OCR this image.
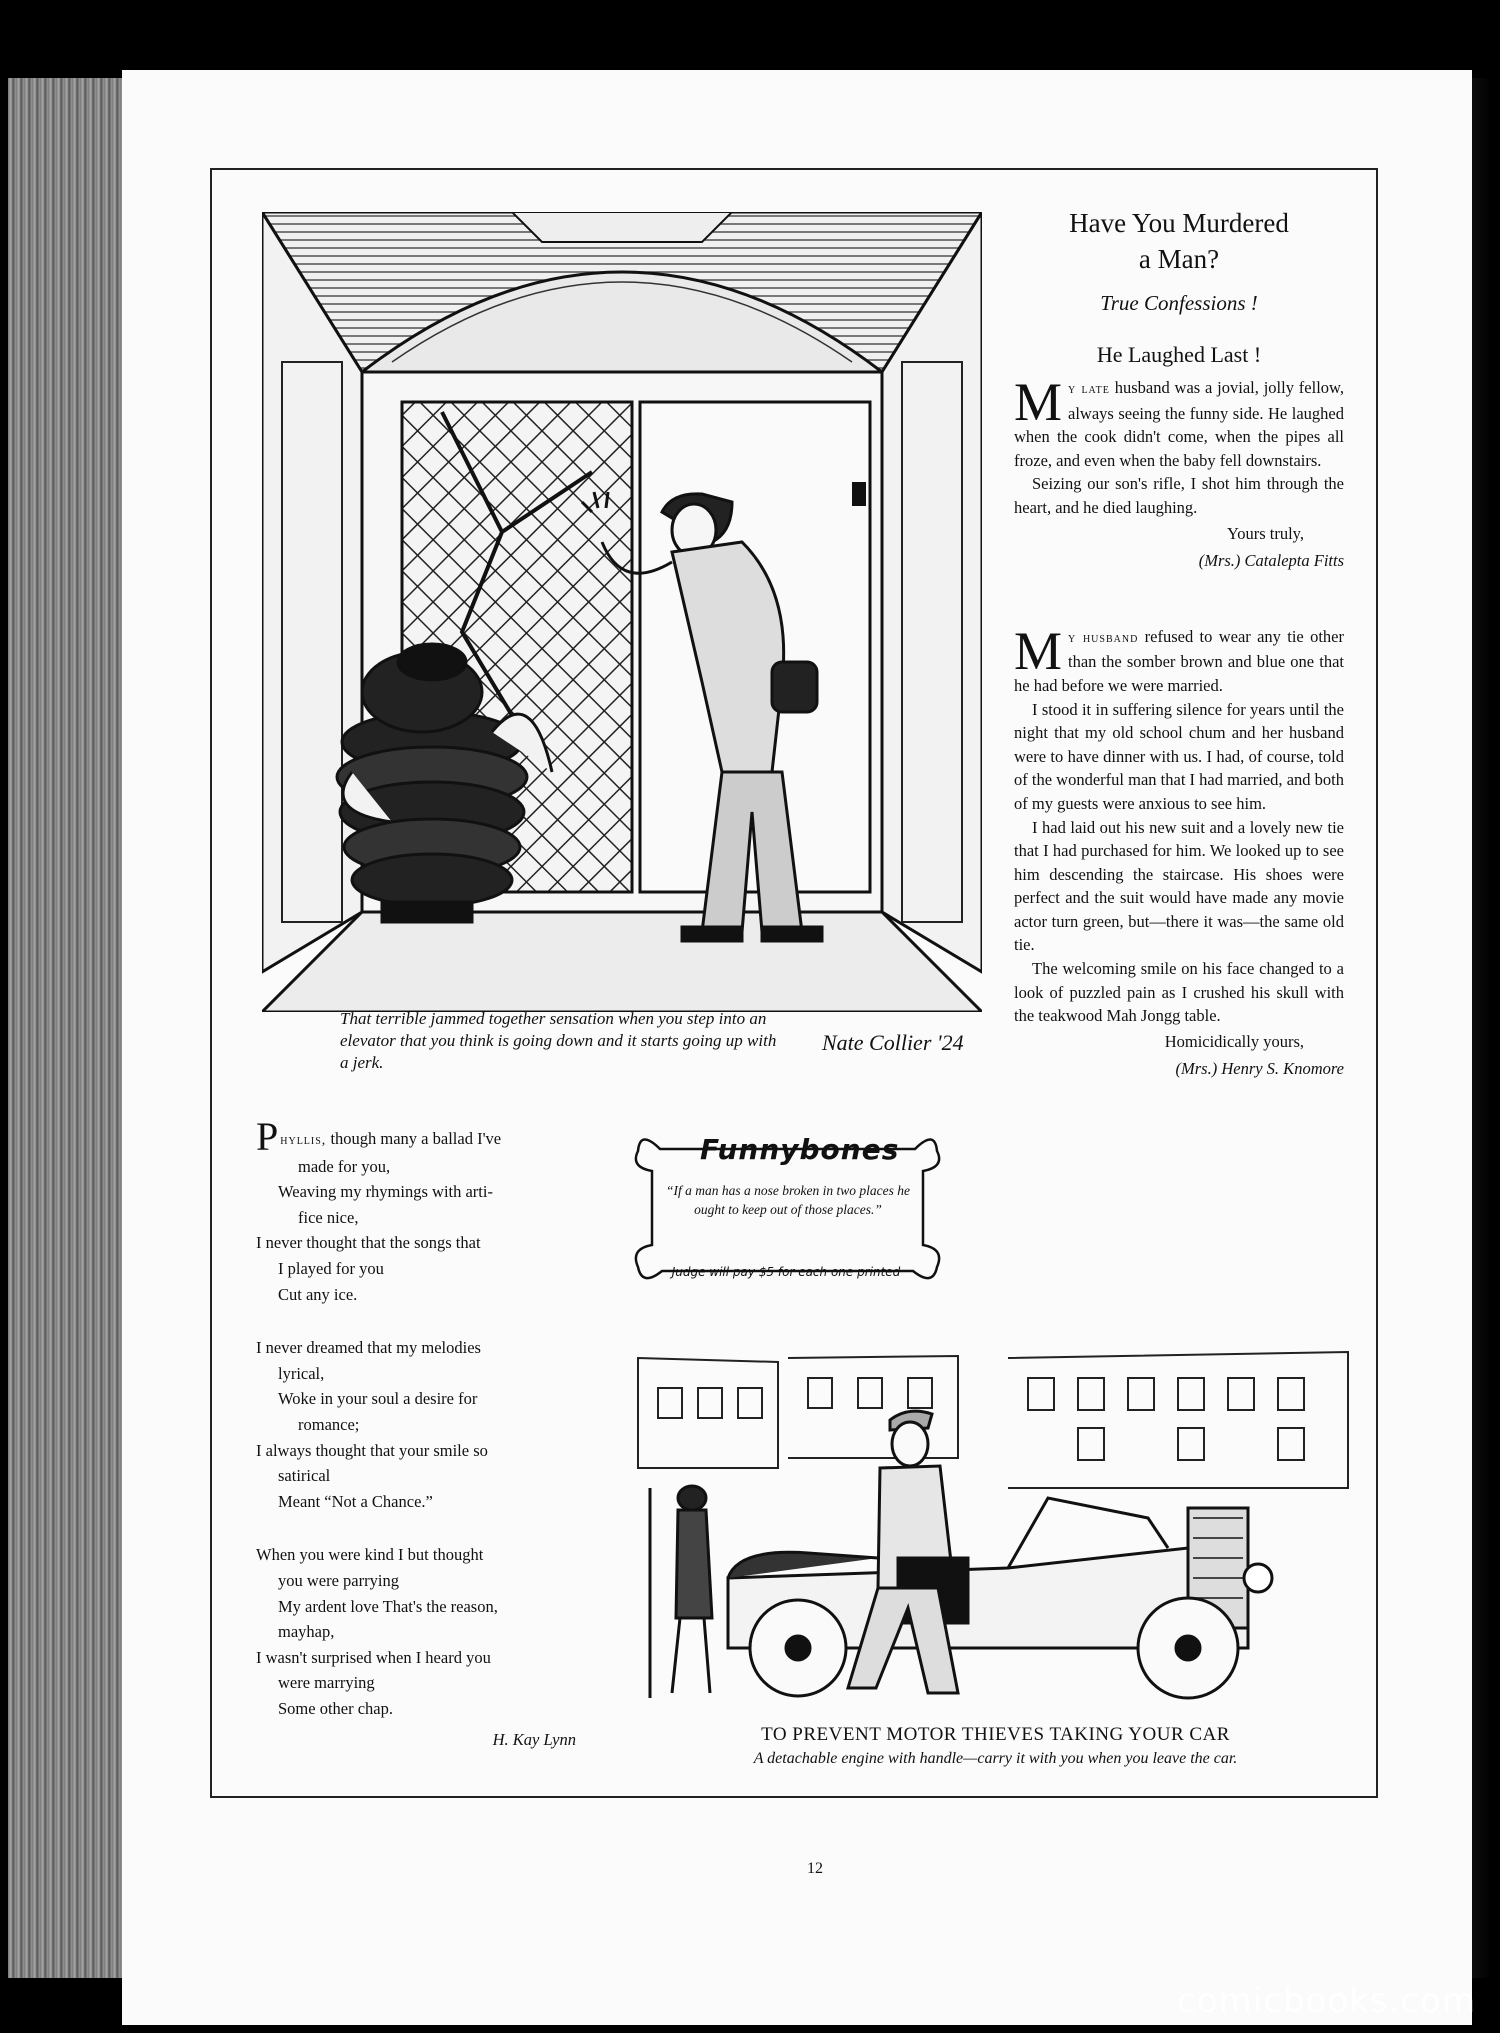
That terrible jammed together sensation when you step into an elevator that you think is going down and it starts going up with a jerk.
Nate Collier '24
Have You Murdered
a Man?
True Confessions !
He Laughed Last !

My late husband was a jovial, jolly fellow, always seeing the funny side. He laughed when the cook didn't come, when the pipes all froze, and even when the baby fell downstairs.

Seizing our son's rifle, I shot him through the heart, and he died laughing.

Yours truly,
(Mrs.) Catalepta Fitts

My husband refused to wear any tie other than the somber brown and blue one that he had before we were married.

I stood it in suffering silence for years until the night that my old school chum and her husband were to have dinner with us. I had, of course, told of the wonderful man that I had married, and both of my guests were anxious to see him.

I had laid out his new suit and a lovely new tie that I had purchased for him. We looked up to see him descending the staircase. His shoes were perfect and the suit would have made any movie actor turn green, but—there it was—the same old tie.

The welcoming smile on his face changed to a look of puzzled pain as I crushed his skull with the teakwood Mah Jongg table.

Homicidically yours,
(Mrs.) Henry S. Knomore
Phyllis, though many a ballad I've
made for you,
Weaving my rhymings with arti-
fice nice,
I never thought that the songs that
I played for you
Cut any ice.
I never dreamed that my melodies
lyrical,
Woke in your soul a desire for
romance;
I always thought that your smile so
satirical
Meant “Not a Chance.”
When you were kind I but thought
you were parrying
My ardent love That's the reason,
mayhap,
I wasn't surprised when I heard you
were marrying
Some other chap.
H. Kay Lynn
Funnybones
“If a man has a nose broken in two places he ought to keep out of those places.”
Judge will pay $5 for each one printed
TO PREVENT MOTOR THIEVES TAKING YOUR CAR
A detachable engine with handle—carry it with you when you leave the car.
12
comicbooks.com
